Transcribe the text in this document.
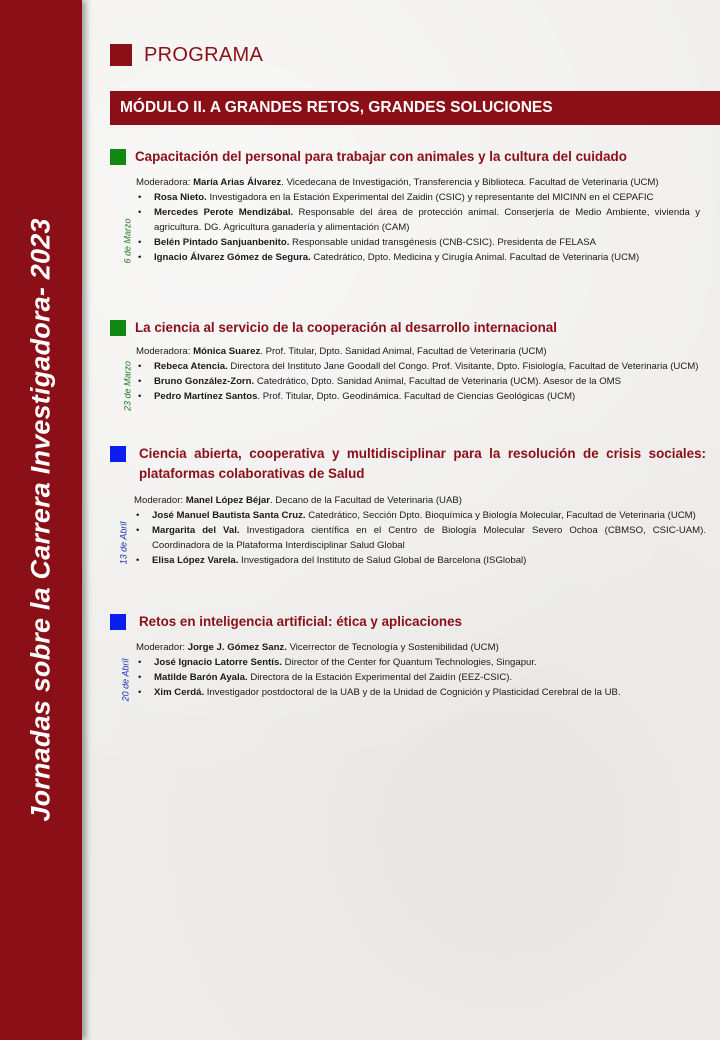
Jornadas sobre la Carrera Investigadora- 2023
PROGRAMA
MÓDULO II. A GRANDES RETOS, GRANDES SOLUCIONES
Capacitación del personal para trabajar con animales y la cultura del cuidado
6 de Marzo

Moderadora: María Arias Álvarez. Vicedecana de Investigación, Transferencia y Biblioteca. Facultad de Veterinaria (UCM)

• Rosa Nieto. Investigadora en la Estación Experimental del Zaidin (CSIC) y representante del MICINN en el CEPAFIC
• Mercedes Perote Mendizábal. Responsable del área de protección animal. Conserjería de Medio Ambiente, vivienda y agricultura. DG. Agricultura ganadería y alimentación (CAM)
• Belén Pintado Sanjuanbenito. Responsable unidad transgénesis (CNB-CSIC). Presidenta de FELASA
• Ignacio Álvarez Gómez de Segura. Catedrático, Dpto. Medicina y Cirugía Animal. Facultad de Veterinaria (UCM)
La ciencia al servicio de la cooperación al desarrollo internacional
23 de Marzo

Moderadora: Mónica Suarez. Prof. Titular, Dpto. Sanidad Animal, Facultad de Veterinaria (UCM)

• Rebeca Atencia. Directora del Instituto Jane Goodall del Congo. Prof. Visitante, Dpto. Fisiología, Facultad de Veterinaria (UCM)
• Bruno González-Zorn. Catedrático, Dpto. Sanidad Animal, Facultad de Veterinaria (UCM). Asesor de la OMS
• Pedro Martínez Santos. Prof. Titular, Dpto. Geodinámica. Facultad de Ciencias Geológicas (UCM)
Ciencia abierta, cooperativa y multidisciplinar para la resolución de crisis sociales: plataformas colaborativas de Salud
13 de Abril

Moderador: Manel López Béjar. Decano de la Facultad de Veterinaria (UAB)

• José Manuel Bautista Santa Cruz. Catedrático, Sección Dpto. Bioquímica y Biología Molecular, Facultad de Veterinaria (UCM)
• Margarita del Val. Investigadora científica en el Centro de Biología Molecular Severo Ochoa (CBMSO, CSIC-UAM). Coordinadora de la Plataforma Interdisciplinar Salud Global
• Elisa López Varela. Investigadora del Instituto de Salud Global de Barcelona (ISGlobal)
Retos en inteligencia artificial: ética y aplicaciones
20 de Abril

Moderador: Jorge J. Gómez Sanz. Vicerrector de Tecnología y Sostenibilidad (UCM)

• José Ignacio Latorre Sentís. Director of the Center for Quantum Technologies, Singapur.
• Matilde Barón Ayala. Directora de la Estación Experimental del Zaidín (EEZ-CSIC).
• Xim Cerdá. Investigador postdoctoral de la UAB y de la Unidad de Cognición y Plasticidad Cerebral de la UB.
